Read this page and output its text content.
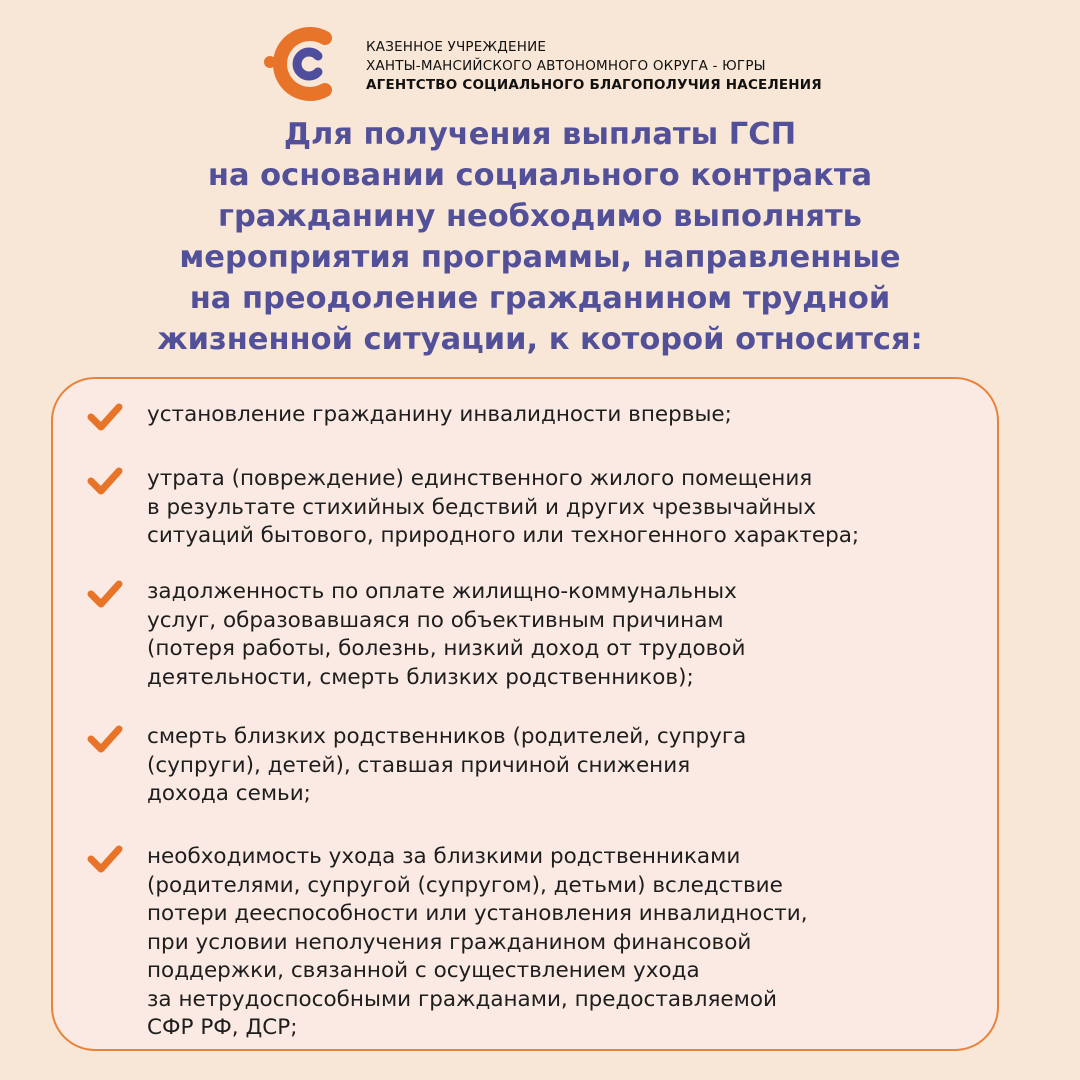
КАЗЕННОЕ УЧРЕЖДЕНИЕ
ХАНТЫ-МАНСИЙСКОГО АВТОНОМНОГО ОКРУГА - ЮГРЫ
АГЕНТСТВО СОЦИАЛЬНОГО БЛАГОПОЛУЧИЯ НАСЕЛЕНИЯ
Для получения выплаты ГСП
на основании социального контракта
гражданину необходимо выполнять
мероприятия программы, направленные
на преодоление гражданином трудной
жизненной ситуации, к которой относится:
установление гражданину инвалидности впервые;
утрата (повреждение) единственного жилого помещения
в результате стихийных бедствий и других чрезвычайных
ситуаций бытового, природного или техногенного характера;
задолженность по оплате жилищно-коммунальных
услуг, образовавшаяся по объективным причинам
(потеря работы, болезнь, низкий доход от трудовой
деятельности, смерть близких родственников);
смерть близких родственников (родителей, супруга
(супруги), детей), ставшая причиной снижения
дохода семьи;
необходимость ухода за близкими родственниками
(родителями, супругой (супругом), детьми) вследствие
потери дееспособности или установления инвалидности,
при условии неполучения гражданином финансовой
поддержки, связанной с осуществлением ухода
за нетрудоспособными гражданами, предоставляемой
СФР РФ, ДСР;
